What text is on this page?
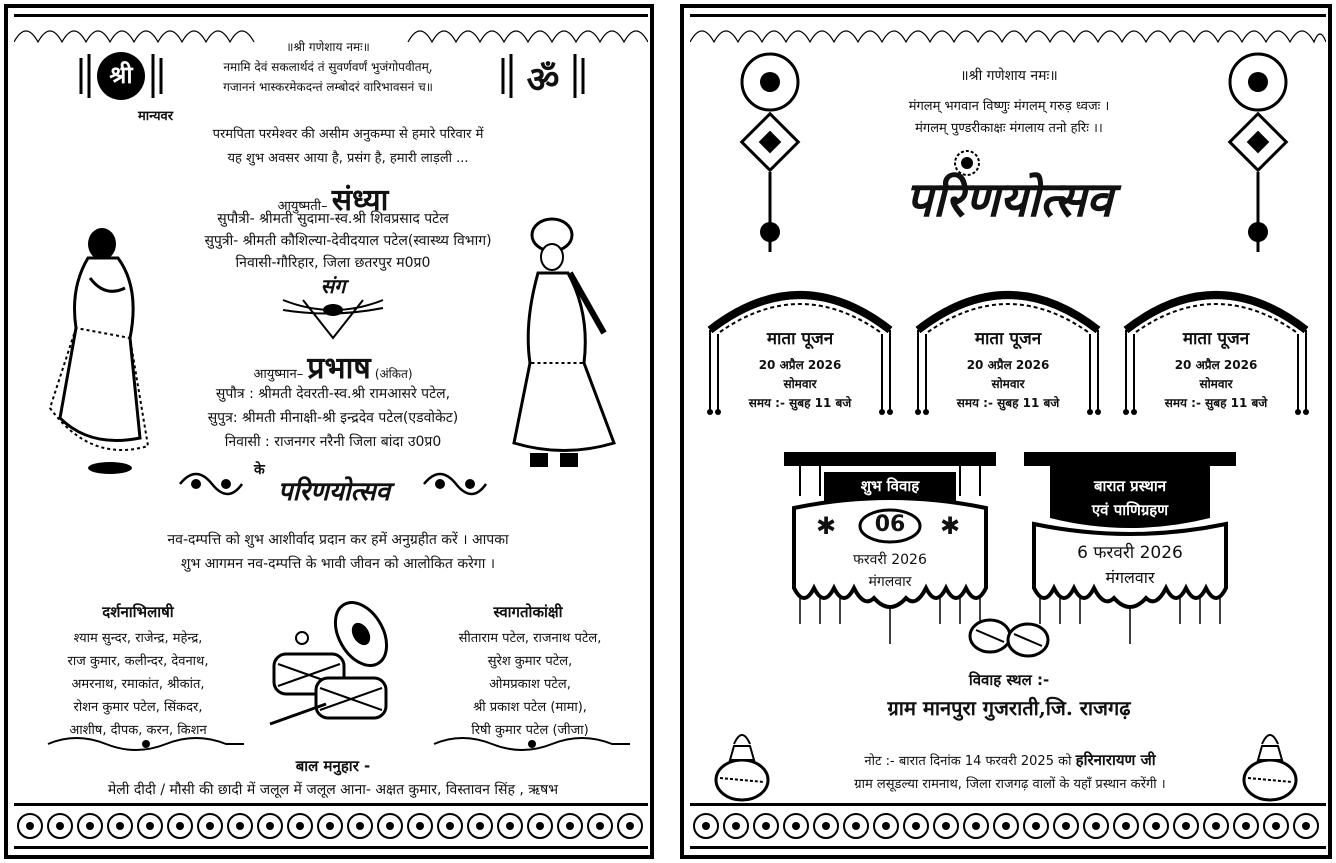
श्री	ॐ
॥श्री गणेशाय नमः॥
नमामि देवं सकलार्थदं तं सुवर्णवर्णं भुजंगोपवीतम्,
गजाननं भास्करमेकदन्तं लम्बोदरं वारिभावसनं च॥
मान्यवर
परमपिता परमेश्वर की असीम अनुकम्पा से हमारे परिवार में
यह शुभ अवसर आया है, प्रसंग है, हमारी लाड़ली ...
आयुष्मती– संध्या
सुपौत्री- श्रीमती सुदामा-स्व.श्री शिवप्रसाद पटेल
सुपुत्री- श्रीमती कौशिल्या-देवीदयाल पटेल(स्वास्थ्य विभाग)
निवासी-गौरिहार, जिला छतरपुर म0प्र0
संग
आयुष्मान– प्रभाष (अंकित)
सुपौत्र : श्रीमती देवरती-स्व.श्री रामआसरे पटेल,
सुपुत्र: श्रीमती मीनाक्षी-श्री इन्द्रदेव पटेल(एडवोकेट)
निवासी : राजनगर नरैनी जिला बांदा उ0प्र0
के
परिणयोत्सव
नव-दम्पत्ति को शुभ आशीर्वाद प्रदान कर हमें अनुग्रहीत करें । आपका
शुभ आगमन नव-दम्पत्ति के भावी जीवन को आलोकित करेगा ।
दर्शनाभिलाषी
श्याम सुन्दर, राजेन्द्र, महेन्द्र,
राज कुमार, कलीन्दर, देवनाथ,
अमरनाथ, रमाकांत, श्रीकांत,
रोशन कुमार पटेल, सिंकदर,
आशीष, दीपक, करन, किशन
स्वागतोकांक्षी
सीताराम पटेल, राजनाथ पटेल,
सुरेश कुमार पटेल,
ओमप्रकाश पटेल,
श्री प्रकाश पटेल (मामा),
रिषी कुमार पटेल (जीजा)
बाल मनुहार -
मेली दीदी / मौसी की छादी में जलूल में जलूल आना- अक्षत कुमार, विस्तावन सिंह , ऋषभ
॥श्री गणेशाय नमः॥
मंगलम् भगवान विष्णुः मंगलम् गरुड़ ध्वजः ।
मंगलम् पुण्डरीकाक्षः मंगलाय तनो हरिः ।।
परिणयोत्सव
माता पूजन
20 अप्रैल 2026
सोमवार
समय :- सुबह 11 बजे
माता पूजन
20 अप्रैल 2026
सोमवार
समय :- सुबह 11 बजे
माता पूजन
20 अप्रैल 2026
सोमवार
समय :- सुबह 11 बजे
शुभ विवाह
✱	✱
06
फरवरी 2026
मंगलवार
बारात प्रस्थान
एवं पाणिग्रहण
6 फरवरी 2026
मंगलवार
विवाह स्थल :-
ग्राम मानपुरा गुजराती,जि. राजगढ़
नोट :- बारात दिनांक 14 फरवरी 2025 को हरिनारायण जी
ग्राम लसूडल्या रामनाथ, जिला राजगढ़ वालों के यहाँ प्रस्थान करेंगी ।
